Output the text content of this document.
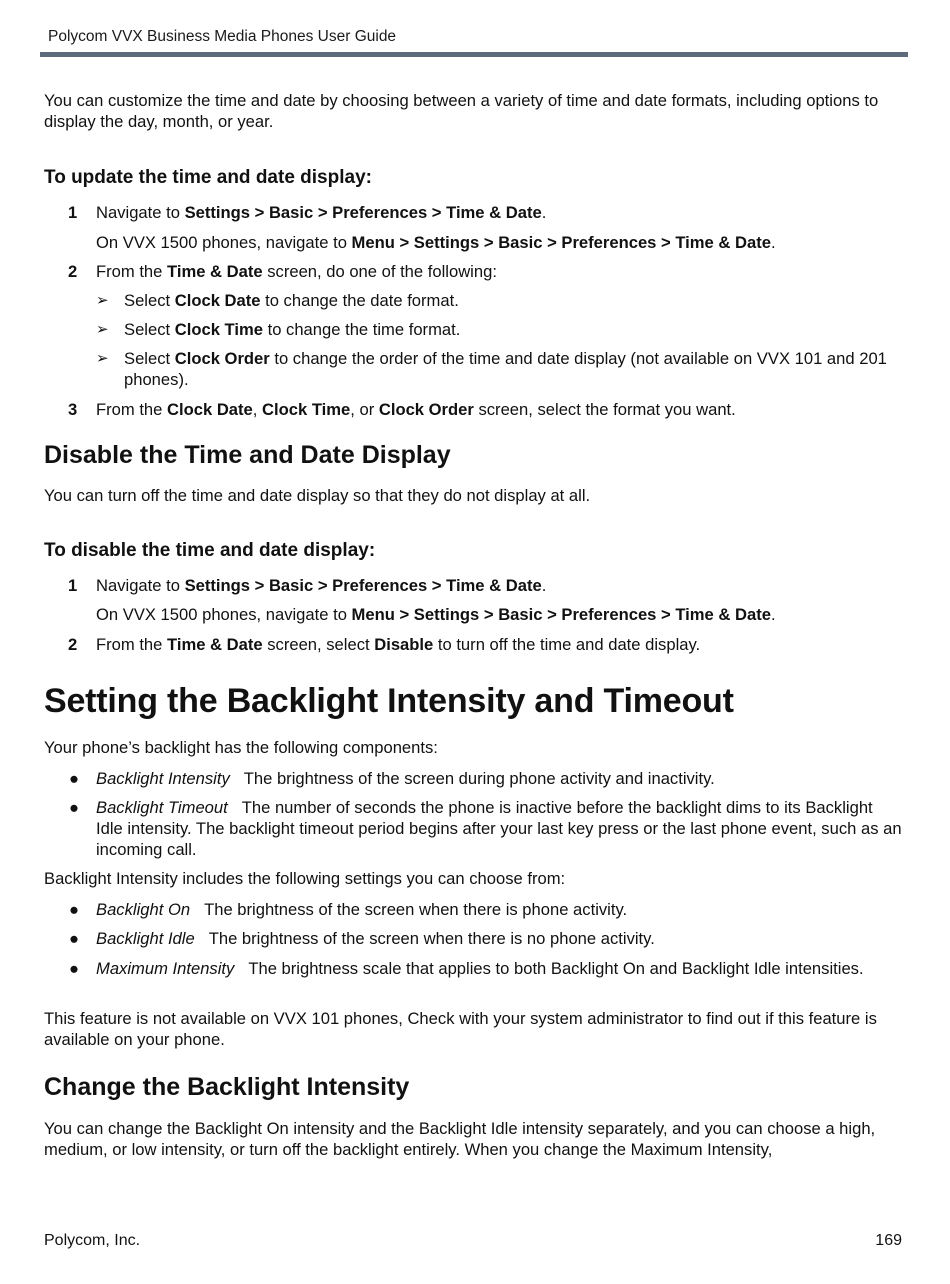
Polycom VVX Business Media Phones User Guide
You can customize the time and date by choosing between a variety of time and date formats, including options to display the day, month, or year.
To update the time and date display:
1 Navigate to Settings > Basic > Preferences > Time & Date.
On VVX 1500 phones, navigate to Menu > Settings > Basic > Preferences > Time & Date.
2 From the Time & Date screen, do one of the following:
➢ Select Clock Date to change the date format.
➢ Select Clock Time to change the time format.
➢ Select Clock Order to change the order of the time and date display (not available on VVX 101 and 201 phones).
3 From the Clock Date, Clock Time, or Clock Order screen, select the format you want.
Disable the Time and Date Display
You can turn off the time and date display so that they do not display at all.
To disable the time and date display:
1 Navigate to Settings > Basic > Preferences > Time & Date.
On VVX 1500 phones, navigate to Menu > Settings > Basic > Preferences > Time & Date.
2 From the Time & Date screen, select Disable to turn off the time and date display.
Setting the Backlight Intensity and Timeout
Your phone’s backlight has the following components:
● Backlight Intensity The brightness of the screen during phone activity and inactivity.
● Backlight Timeout The number of seconds the phone is inactive before the backlight dims to its Backlight Idle intensity. The backlight timeout period begins after your last key press or the last phone event, such as an incoming call.
Backlight Intensity includes the following settings you can choose from:
● Backlight On The brightness of the screen when there is phone activity.
● Backlight Idle The brightness of the screen when there is no phone activity.
● Maximum Intensity The brightness scale that applies to both Backlight On and Backlight Idle intensities.
This feature is not available on VVX 101 phones, Check with your system administrator to find out if this feature is available on your phone.
Change the Backlight Intensity
You can change the Backlight On intensity and the Backlight Idle intensity separately, and you can choose a high, medium, or low intensity, or turn off the backlight entirely. When you change the Maximum Intensity,
Polycom, Inc.	169
